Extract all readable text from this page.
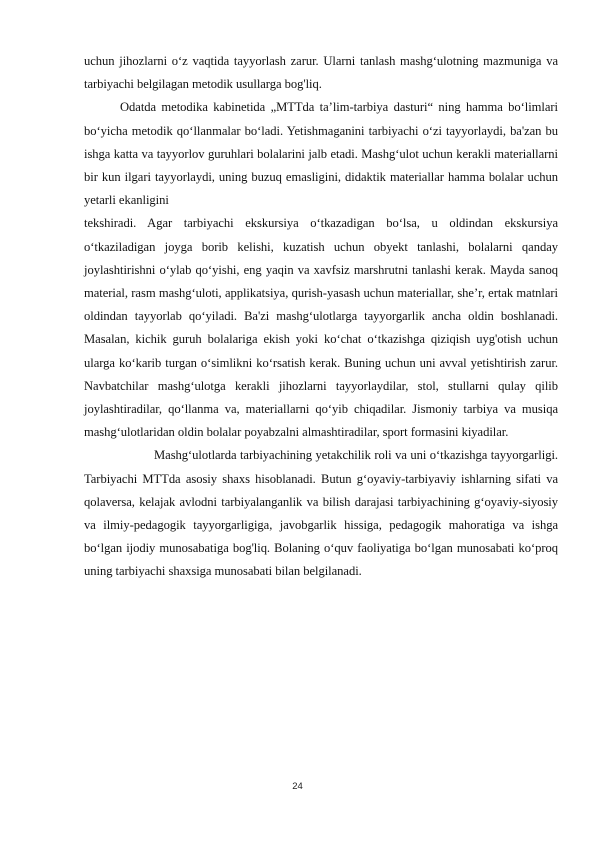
uchun jihozlarni o‘z vaqtida tayyorlash zarur. Ularni tanlash mashg‘ulotning mazmuniga va tarbiyachi belgilagan metodik usullarga bog'liq.

Odatda metodika kabinetida „MTTda ta’lim-tarbiya dasturi“ ning hamma bo‘limlari bo‘yicha metodik qo‘llanmalar bo‘ladi. Yetishmaganini tarbiyachi o‘zi tayyorlaydi, ba'zan bu ishga katta va tayyorlov guruhlari bolalarini jalb etadi. Mashg‘ulot uchun kerakli materiallarni bir kun ilgari tayyorlaydi, uning buzuq emasligini, didaktik materiallar hamma bolalar uchun yetarli ekanligini

tekshiradi. Agar tarbiyachi ekskursiya o‘tkazadigan bo‘lsa, u oldindan ekskursiya o‘tkaziladigan joyga borib kelishi, kuzatish uchun obyekt tanlashi, bolalarni qanday joylashtirishni o‘ylab qo‘yishi, eng yaqin va xavfsiz marshrutni tanlashi kerak. Mayda sanoq material, rasm mashg‘uloti, applikatsiya, qurish-yasash uchun materiallar, she’r, ertak matnlari oldindan tayyorlab qo‘yiladi. Ba'zi mashg‘ulotlarga tayyorgarlik ancha oldin boshlanadi. Masalan, kichik guruh bolalariga ekish yoki ko‘chat o‘tkazishga qiziqish uyg'otish uchun ularga ko‘karib turgan o‘simlikni ko‘rsatish kerak. Buning uchun uni avval yetishtirish zarur. Navbatchilar mashg‘ulotga kerakli jihozlarni tayyorlaydilar, stol, stullarni qulay qilib joylashtiradilar, qo‘llanma va, materiallarni qo‘yib chiqadilar. Jismoniy tarbiya va musiqa mashg‘ulotlaridan oldin bolalar poyabzalni almashtiradilar, sport formasini kiyadilar.

Mashg‘ulotlarda tarbiyachining yetakchilik roli va uni o‘tkazishga tayyorgarligi. Tarbiyachi MTTda asosiy shaxs hisoblanadi. Butun g‘oyaviy-tarbiyaviy ishlarning sifati va qolaversa, kelajak avlodni tarbiyalanganlik va bilish darajasi tarbiyachining g‘oyaviy-siyosiy va ilmiy-pedagogik tayyorgarligiga, javobgarlik hissiga, pedagogik mahoratiga va ishga bo‘lgan ijodiy munosabatiga bog'liq. Bolaning o‘quv faoliyatiga bo‘lgan munosabati ko‘proq uning tarbiyachi shaxsiga munosabati bilan belgilanadi.

24
